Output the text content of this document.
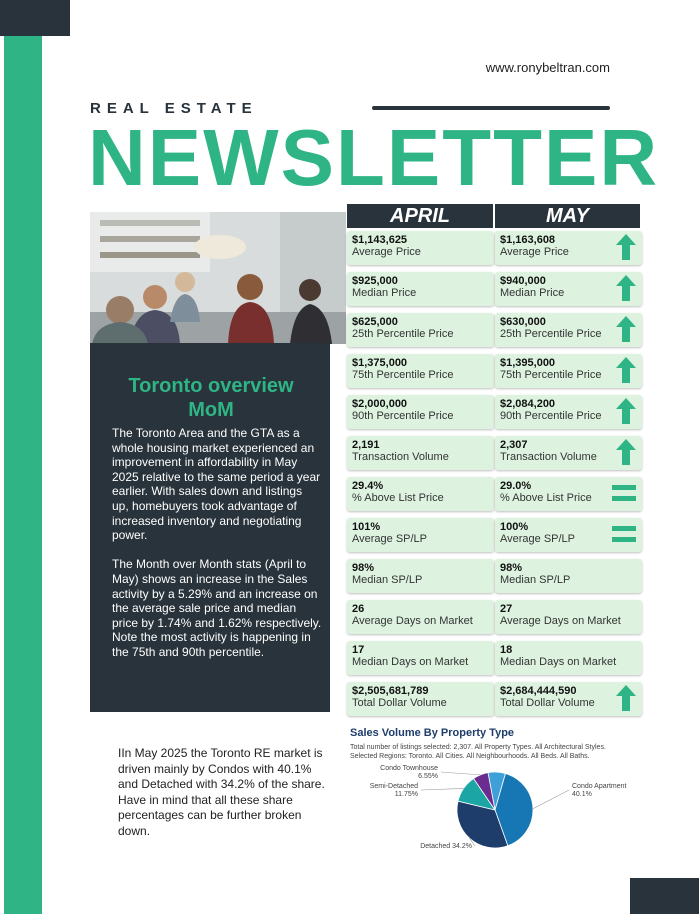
www.ronybeltran.com
REAL ESTATE
NEWSLETTER
Toronto overview
MoM

The Toronto Area and the GTA as a whole housing market experienced an improvement in affordability in May 2025 relative to the same period a year earlier. With sales down and listings up, homebuyers took advantage of increased inventory and negotiating power.

The Month over Month stats (April to May) shows an increase in the Sales activity by a 5.29% and an increase on the average sale price and median price by 1.74% and 1.62% respectively.

Note the most activity is happening in the 75th and 90th percentile.

IIn May 2025 the Toronto RE market is driven mainly by Condos with 40.1% and Detached with 34.2% of the share. Have in mind that all these share percentages can be further broken down.
APRIL	MAY
$1,143,625
Average Price
$1,163,608
Average Price
$925,000
Median Price
$940,000
Median Price
$625,000
25th Percentile Price
$630,000
25th Percentile Price
$1,375,000
75th Percentile Price
$1,395,000
75th Percentile Price
$2,000,000
90th Percentile Price
$2,084,200
90th Percentile Price
2,191
Transaction Volume
2,307
Transaction Volume
29.4%
% Above List Price
29.0%
% Above List Price
101%
Average SP/LP
100%
Average SP/LP
98%
Median SP/LP
98%
Median SP/LP
26
Average Days on Market
27
Average Days on Market
17
Median Days on Market
18
Median Days on Market
$2,505,681,789
Total Dollar Volume
$2,684,444,590
Total Dollar Volume
Sales Volume By Property Type
Total number of listings selected: 2,307. All Property Types. All Architectural Styles.
Selected Regions: Toronto. All Cities. All Neighbourhoods. All Beds. All Baths.
Condo Apartment
40.1%
Detached 34.2%
Semi-Detached
11.75%
Condo Townhouse
6.55%
